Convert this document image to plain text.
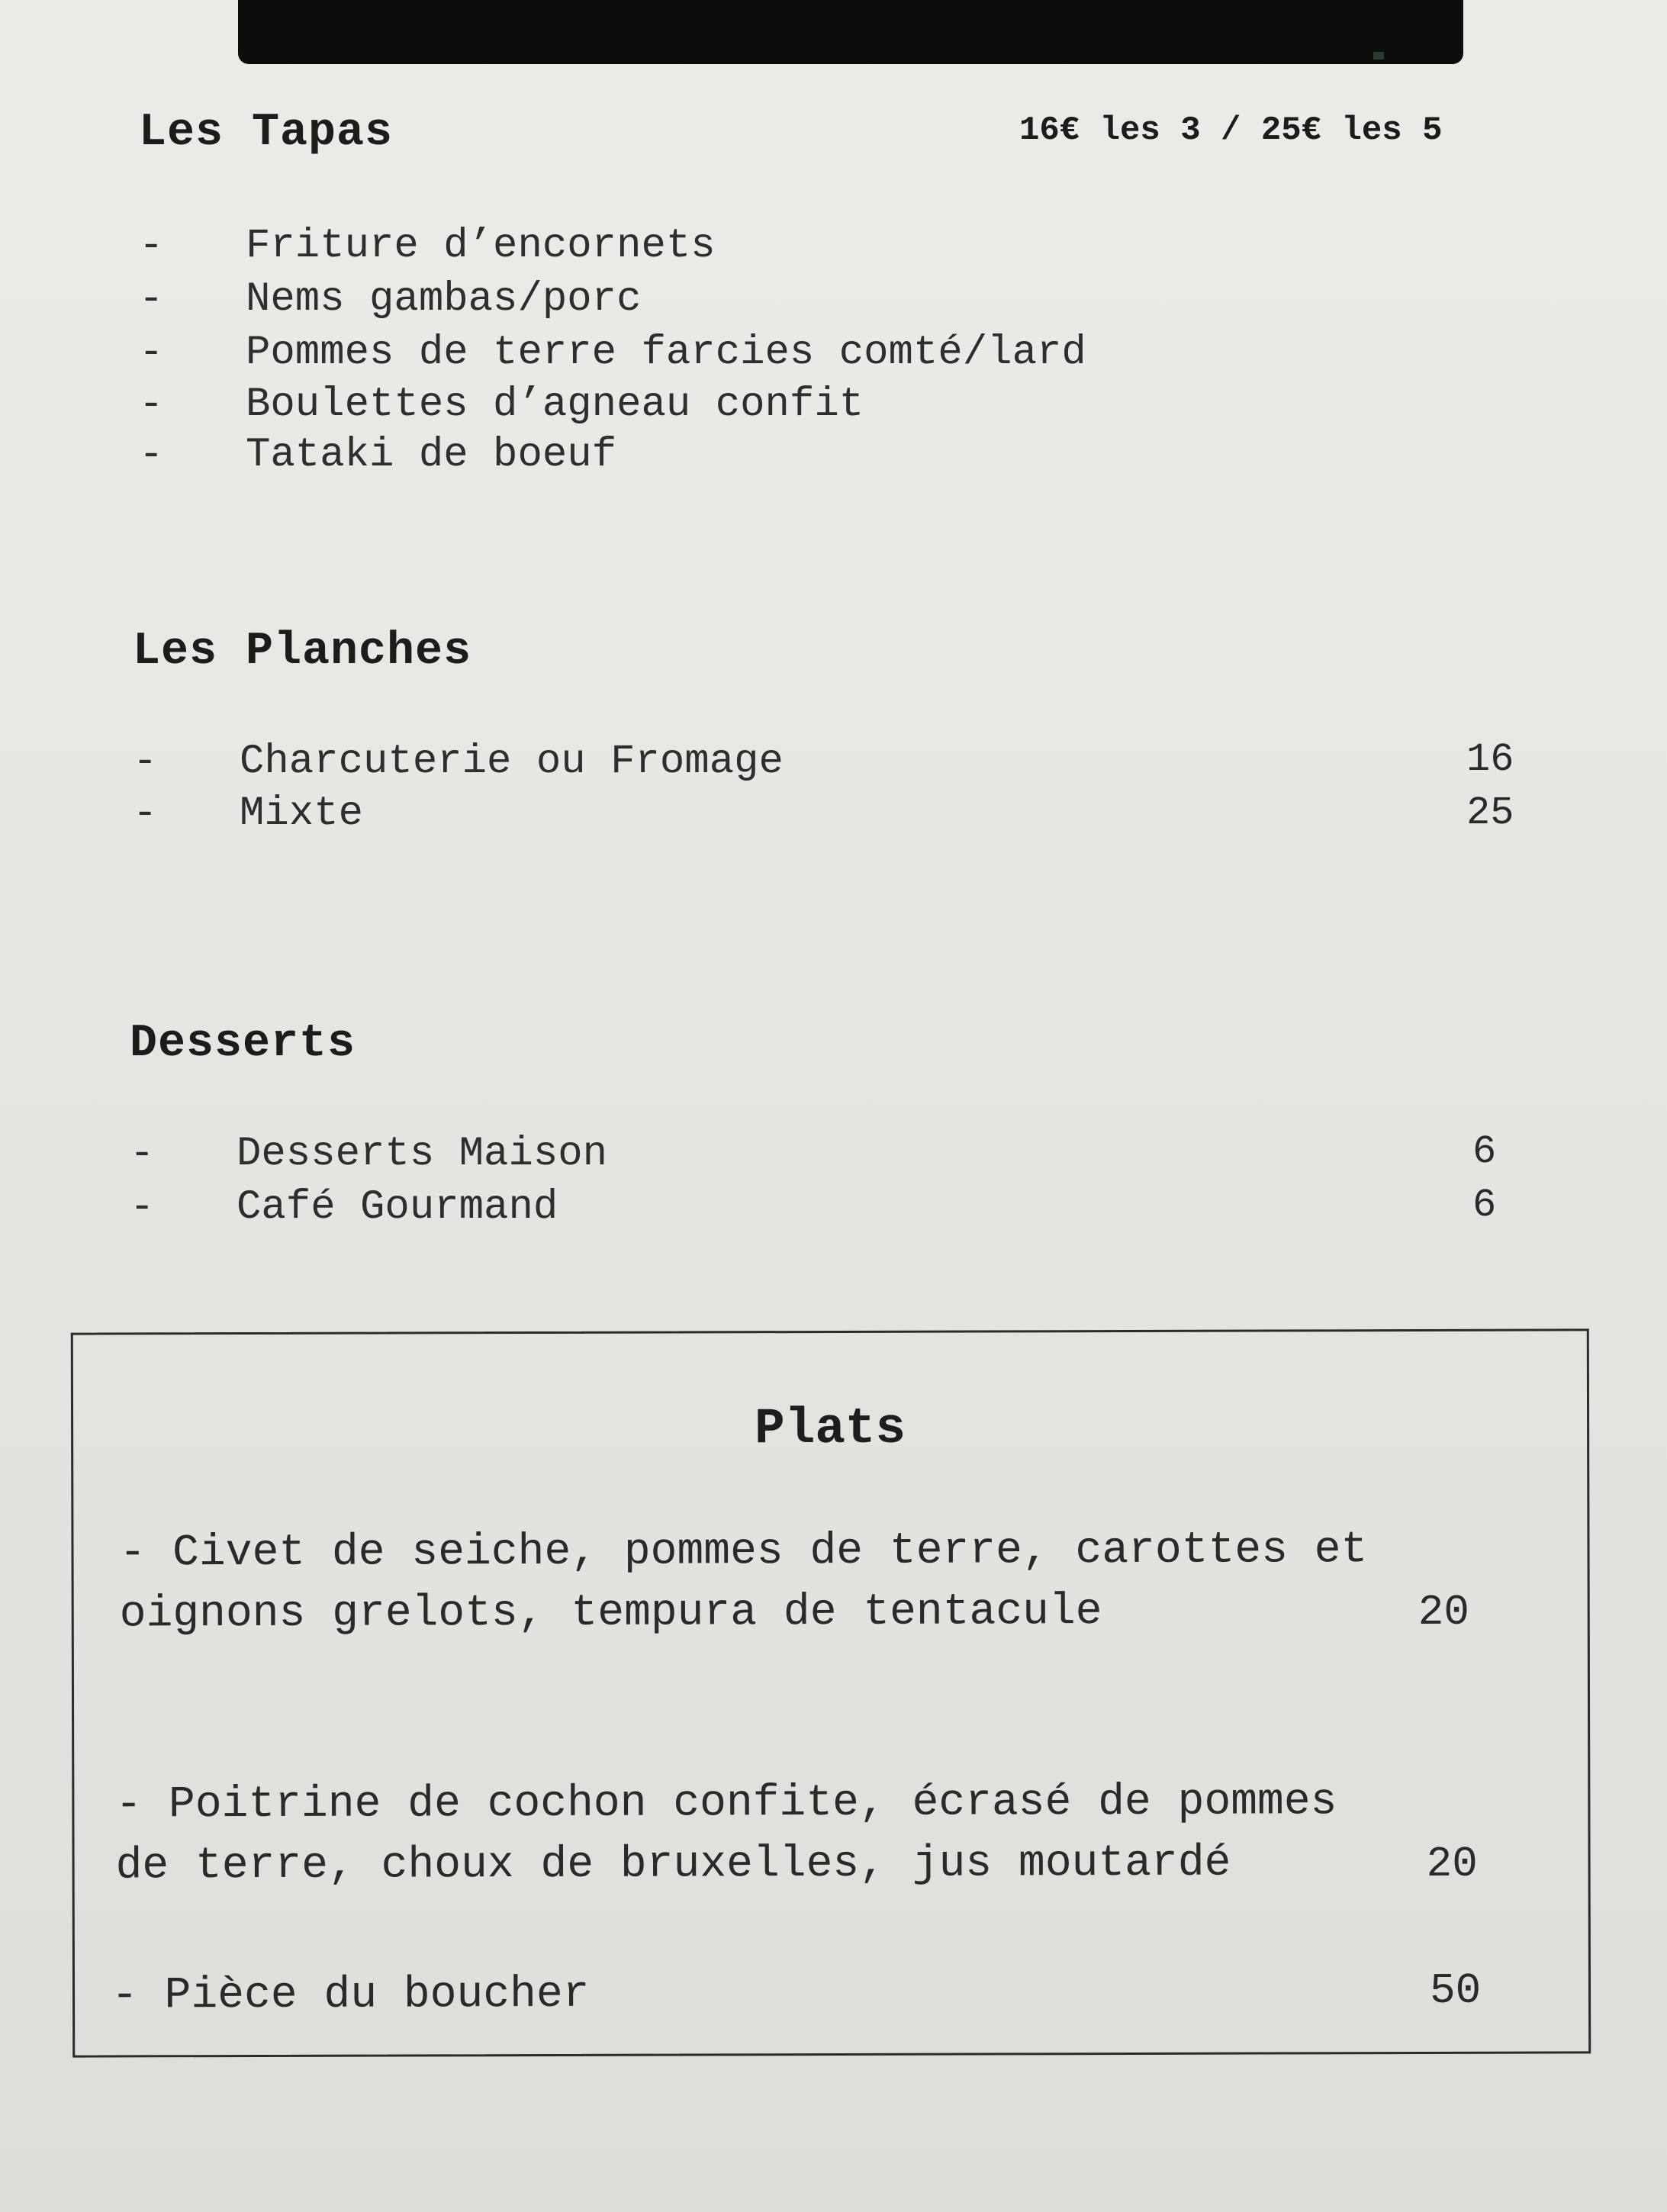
Les Tapas	16€ les 3 / 25€ les 5
- Friture d’encornets
- Nems gambas/porc
- Pommes de terre farcies comté/lard
- Boulettes d’agneau confit
- Tataki de boeuf
Les Planches
- Charcuterie ou Fromage	16
- Mixte	25
Desserts
- Desserts Maison	6
- Café Gourmand	6
Plats
- Civet de seiche, pommes de terre, carottes et
oignons grelots, tempura de tentacule	20
- Poitrine de cochon confite, écrasé de pommes
de terre, choux de bruxelles, jus moutardé	20
- Pièce du boucher	50
